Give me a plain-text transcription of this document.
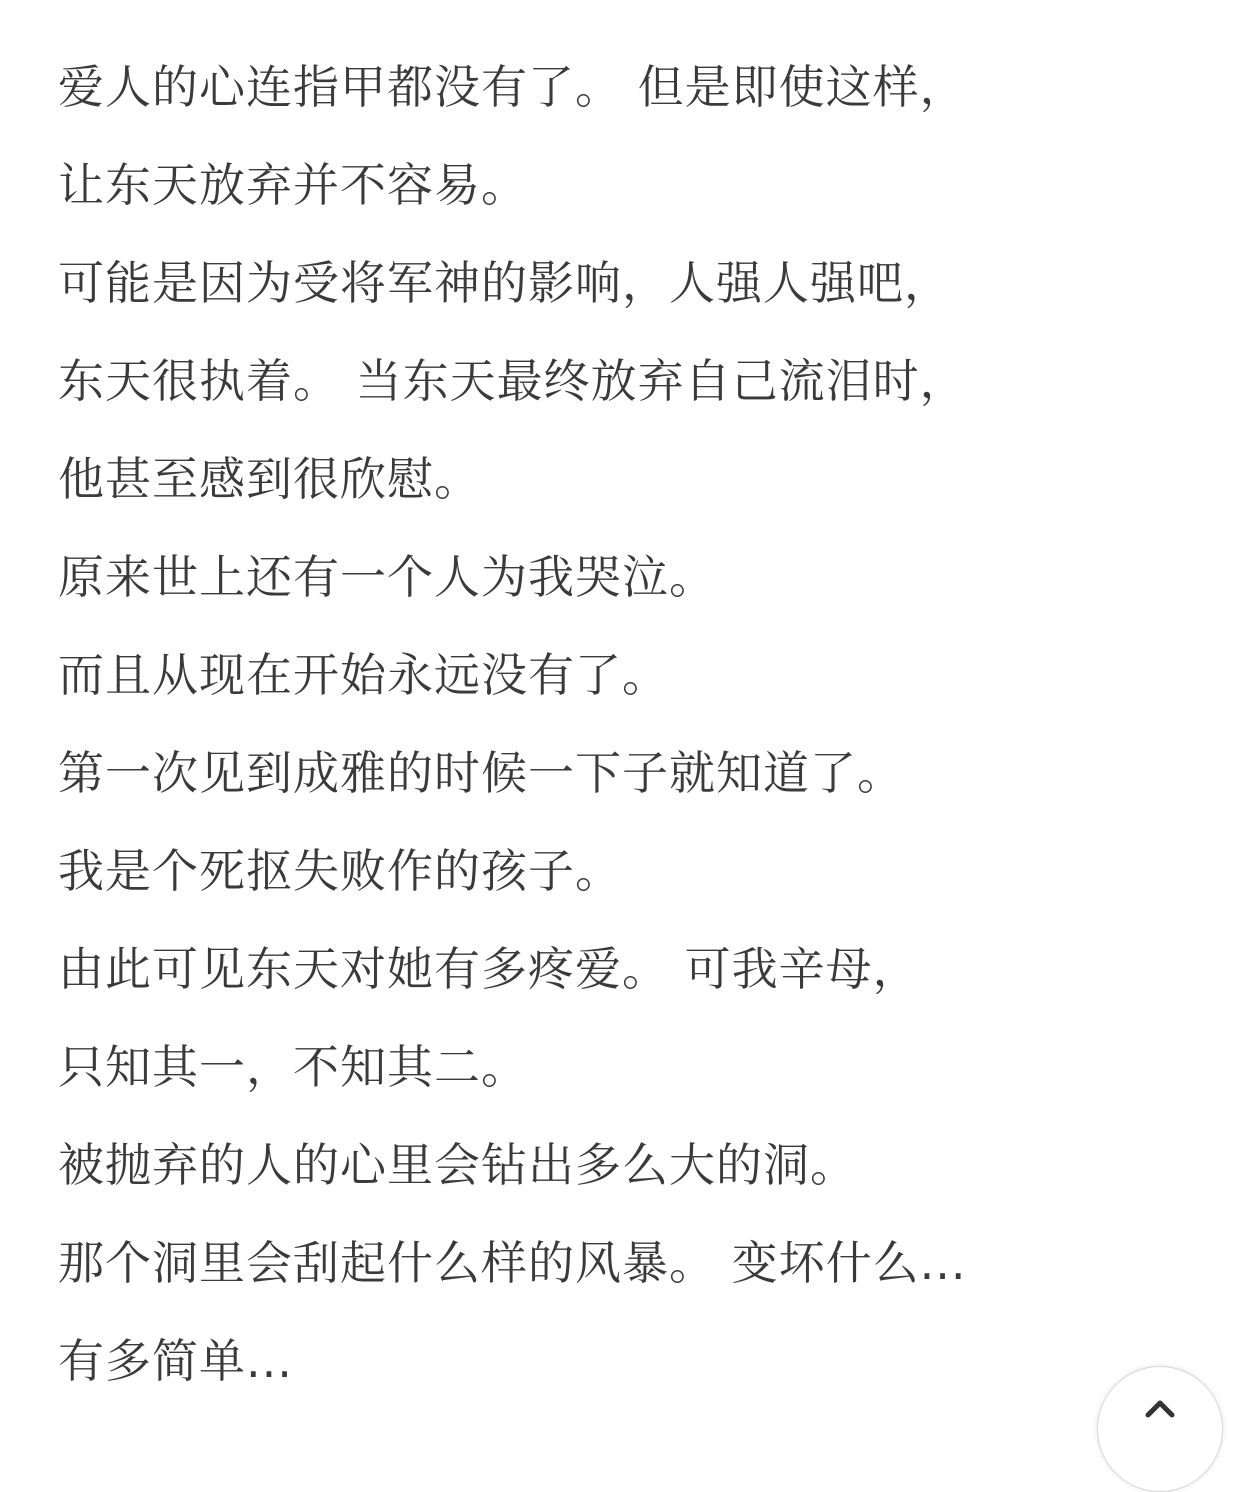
爱人的心连指甲都没有了。 但是即使这样，
让东天放弃并不容易。
可能是因为受将军神的影响，人强人强吧，
东天很执着。 当东天最终放弃自己流泪时，
他甚至感到很欣慰。
原来世上还有一个人为我哭泣。
而且从现在开始永远没有了。
第一次见到成雅的时候一下子就知道了。
我是个死抠失败作的孩子。
由此可见东天对她有多疼爱。 可我辛母，
只知其一，不知其二。
被抛弃的人的心里会钻出多么大的洞。
那个洞里会刮起什么样的风暴。 变坏什么...
有多简单...
